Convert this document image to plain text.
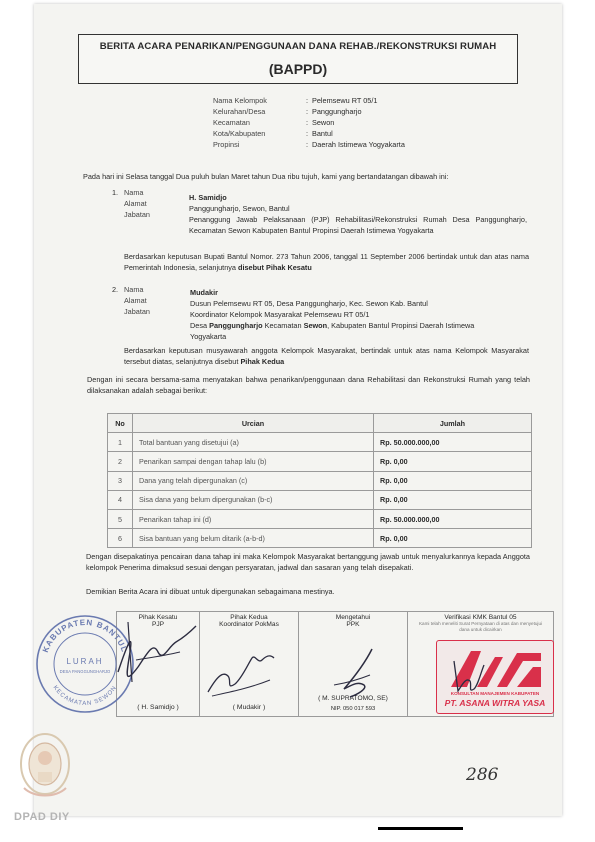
BERITA ACARA PENARIKAN/PENGGUNAAN DANA REHAB./REKONSTRUKSI RUMAH
(BAPPD)
Nama Kelompok	: Pelemsewu RT 05/1
Kelurahan/Desa	: Panggungharjo
Kecamatan	: Sewon
Kota/Kabupaten	: Bantul
Propinsi	: Daerah Istimewa Yogyakarta
Pada hari ini Selasa tanggal Dua puluh bulan Maret tahun Dua ribu tujuh, kami yang bertandatangan dibawah ini:
1. Nama
H. Samidjo
Alamat
Panggungharjo, Sewon, Bantul
Jabatan
Penanggung Jawab Pelaksanaan (PJP) Rehabilitasi/Rekonstruksi Rumah Desa Panggungharjo, Kecamatan Sewon Kabupaten Bantul Propinsi Daerah Istimewa Yogyakarta
Berdasarkan keputusan Bupati Bantul Nomor. 273 Tahun 2006, tanggal 11 September 2006 bertindak untuk dan atas nama Pemerintah Indonesia, selanjutnya disebut Pihak Kesatu
2. Nama	Mudakir
Alamat	Dusun Pelemsewu RT 05, Desa Panggungharjo, Kec. Sewon Kab. Bantul
Jabatan	Koordinator Kelompok Masyarakat Pelemsewu RT 05/1
Desa Panggungharjo Kecamatan Sewon, Kabupaten Bantul Propinsi Daerah Istimewa
Yogyakarta
Berdasarkan keputusan musyawarah anggota Kelompok Masyarakat, bertindak untuk atas nama Kelompok Masyarakat tersebut diatas, selanjutnya disebut Pihak Kedua
Dengan ini secara bersama-sama menyatakan bahwa penarikan/penggunaan dana Rehabilitasi dan Rekonstruksi Rumah yang telah dilaksanakan adalah sebagai berikut:
No	Urcian	Jumlah
1	Total bantuan yang disetujui (a)	Rp. 50.000.000,00
2	Penarikan sampai dengan tahap lalu (b)	Rp. 0,00
3	Dana yang telah dipergunakan (c)	Rp. 0,00
4	Sisa dana yang belum dipergunakan (b-c)	Rp. 0,00
5	Penarikan tahap ini (d)	Rp. 50.000.000,00
6	Sisa bantuan yang belum ditarik (a-b-d)	Rp. 0,00
Dengan disepakatinya pencairan dana tahap ini maka Kelompok Masyarakat bertanggung jawab untuk menyalurkannya kepada Anggota kelompok Penerima dimaksud sesuai dengan persyaratan, jadwal dan sasaran yang telah disepakati.
Demikian Berita Acara ini dibuat untuk dipergunakan sebagaimana mestinya.
Pihak Kesatu
PJP
( H. Samidjo )

Pihak Kedua
Koordinator PokMas
( Mudakir )

Mengetahui
PPK
( M. SUPRATOMO, SE)
NIP. 050 017 593

Verifikasi KMK Bantul 05
Kami telah meneliti Surat Pernyataan di atas dan menyetujui dana untuk dicairkan
KABUPATEN BANTUL
KECAMATAN SEWON
LURAH
DESA PANGGUNGHARJO
KONSULTAN MANAJEMEN KABUPATEN
PT. ASANA WITRA YASA
286
DPAD DIY
